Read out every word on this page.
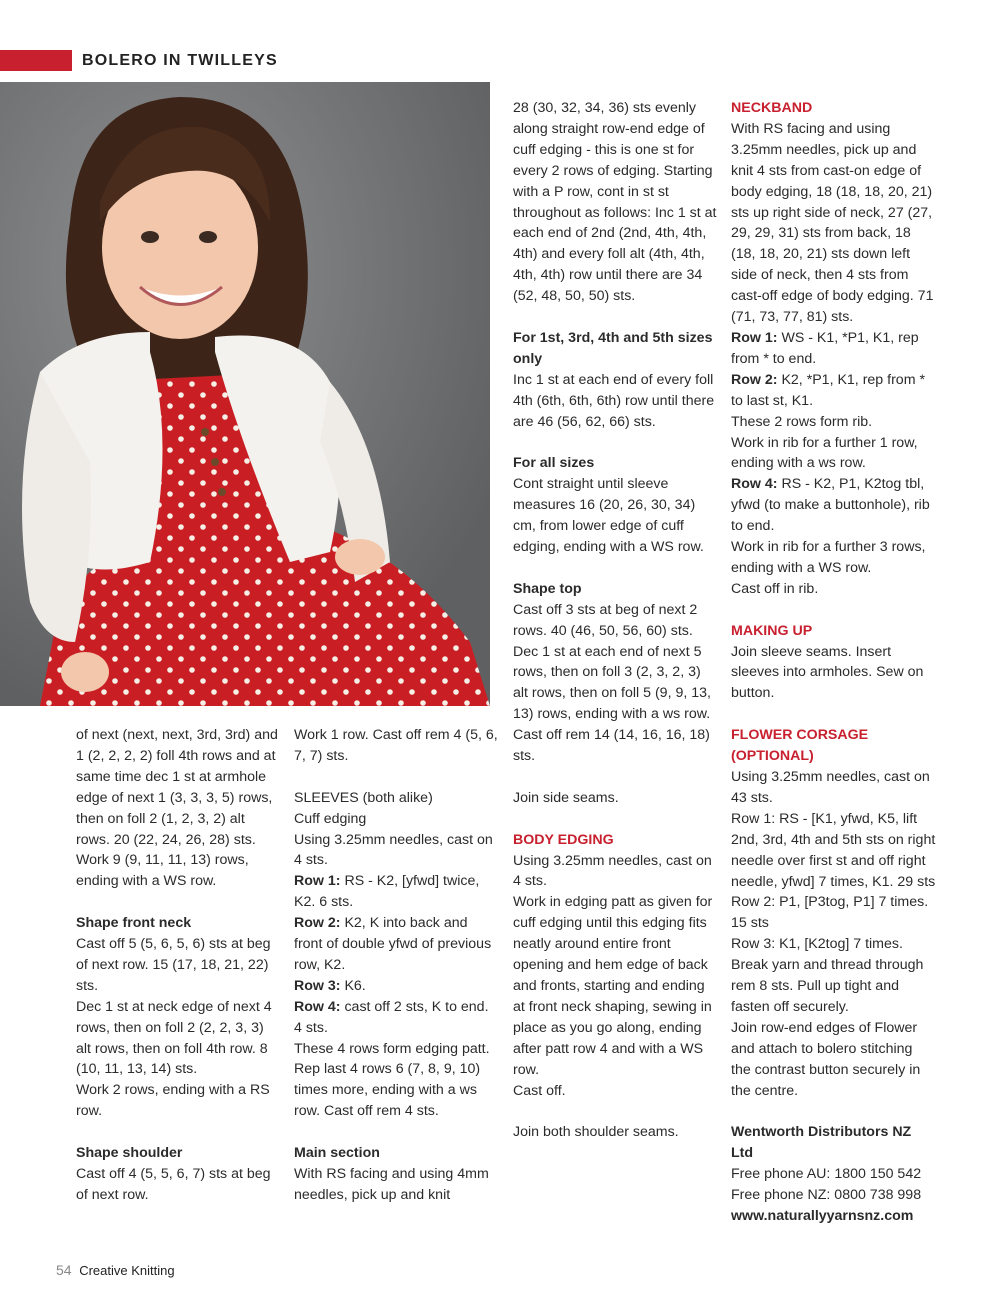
BOLERO IN TWILLEYS

of next (next, next, 3rd, 3rd) and 1 (2, 2, 2, 2) foll 4th rows and at same time dec 1 st at armhole edge of next 1 (3, 3, 3, 5) rows, then on foll 2 (1, 2, 3, 2) alt rows. 20 (22, 24, 26, 28) sts.

Work 9 (9, 11, 11, 13) rows, ending with a WS row.

Shape front neck

Cast off 5 (5, 6, 5, 6) sts at beg of next row. 15 (17, 18, 21, 22) sts.

Dec 1 st at neck edge of next 4 rows, then on foll 2 (2, 2, 3, 3) alt rows, then on foll 4th row. 8 (10, 11, 13, 14) sts.

Work 2 rows, ending with a RS row.

Shape shoulder

Cast off 4 (5, 5, 6, 7) sts at beg of next row.

Work 1 row. Cast off rem 4 (5, 6, 7, 7) sts.

SLEEVES (both alike)

Cuff edging

Using 3.25mm needles, cast on 4 sts.

Row 1: RS - K2, [yfwd] twice, K2. 6 sts.

Row 2: K2, K into back and front of double yfwd of previous row, K2.

Row 3: K6.

Row 4: cast off 2 sts, K to end. 4 sts.

These 4 rows form edging patt.

Rep last 4 rows 6 (7, 8, 9, 10) times more, ending with a ws row. Cast off rem 4 sts.

Main section

With RS facing and using 4mm needles, pick up and knit

28 (30, 32, 34, 36) sts evenly along straight row-end edge of cuff edging - this is one st for every 2 rows of edging. Starting with a P row, cont in st st throughout as follows: Inc 1 st at each end of 2nd (2nd, 4th, 4th, 4th) and every foll alt (4th, 4th, 4th, 4th) row until there are 34 (52, 48, 50, 50) sts.

For 1st, 3rd, 4th and 5th sizes only

Inc 1 st at each end of every foll 4th (6th, 6th, 6th) row until there are 46 (56, 62, 66) sts.

For all sizes

Cont straight until sleeve measures 16 (20, 26, 30, 34) cm, from lower edge of cuff edging, ending with a WS row.

Shape top

Cast off 3 sts at beg of next 2 rows. 40 (46, 50, 56, 60) sts. Dec 1 st at each end of next 5 rows, then on foll 3 (2, 3, 2, 3) alt rows, then on foll 5 (9, 9, 13, 13) rows, ending with a ws row.

Cast off rem 14 (14, 16, 16, 18) sts.

Join side seams.

BODY EDGING

Using 3.25mm needles, cast on 4 sts.

Work in edging patt as given for cuff edging until this edging fits neatly around entire front opening and hem edge of back and fronts, starting and ending at front neck shaping, sewing in place as you go along, ending after patt row 4 and with a WS row.

Cast off.

Join both shoulder seams.

NECKBAND

With RS facing and using 3.25mm needles, pick up and knit 4 sts from cast-on edge of body edging, 18 (18, 18, 20, 21) sts up right side of neck, 27 (27, 29, 29, 31) sts from back, 18 (18, 18, 20, 21) sts down left side of neck, then 4 sts from cast-off edge of body edging. 71 (71, 73, 77, 81) sts.

Row 1: WS - K1, *P1, K1, rep from * to end.

Row 2: K2, *P1, K1, rep from * to last st, K1.

These 2 rows form rib.

Work in rib for a further 1 row, ending with a ws row.

Row 4: RS - K2, P1, K2tog tbl, yfwd (to make a buttonhole), rib to end.

Work in rib for a further 3 rows, ending with a WS row.

Cast off in rib.

MAKING UP

Join sleeve seams. Insert sleeves into armholes. Sew on button.

FLOWER CORSAGE (OPTIONAL)

Using 3.25mm needles, cast on 43 sts.

Row 1: RS - [K1, yfwd, K5, lift 2nd, 3rd, 4th and 5th sts on right needle over first st and off right needle, yfwd] 7 times, K1. 29 sts

Row 2: P1, [P3tog, P1] 7 times. 15 sts

Row 3: K1, [K2tog] 7 times.

Break yarn and thread through rem 8 sts. Pull up tight and fasten off securely.

Join row-end edges of Flower and attach to bolero stitching the contrast button securely in the centre.

Wentworth Distributors NZ Ltd

Free phone AU: 1800 150 542

Free phone NZ: 0800 738 998

www.naturallyyarnsnz.com

54 Creative Knitting
